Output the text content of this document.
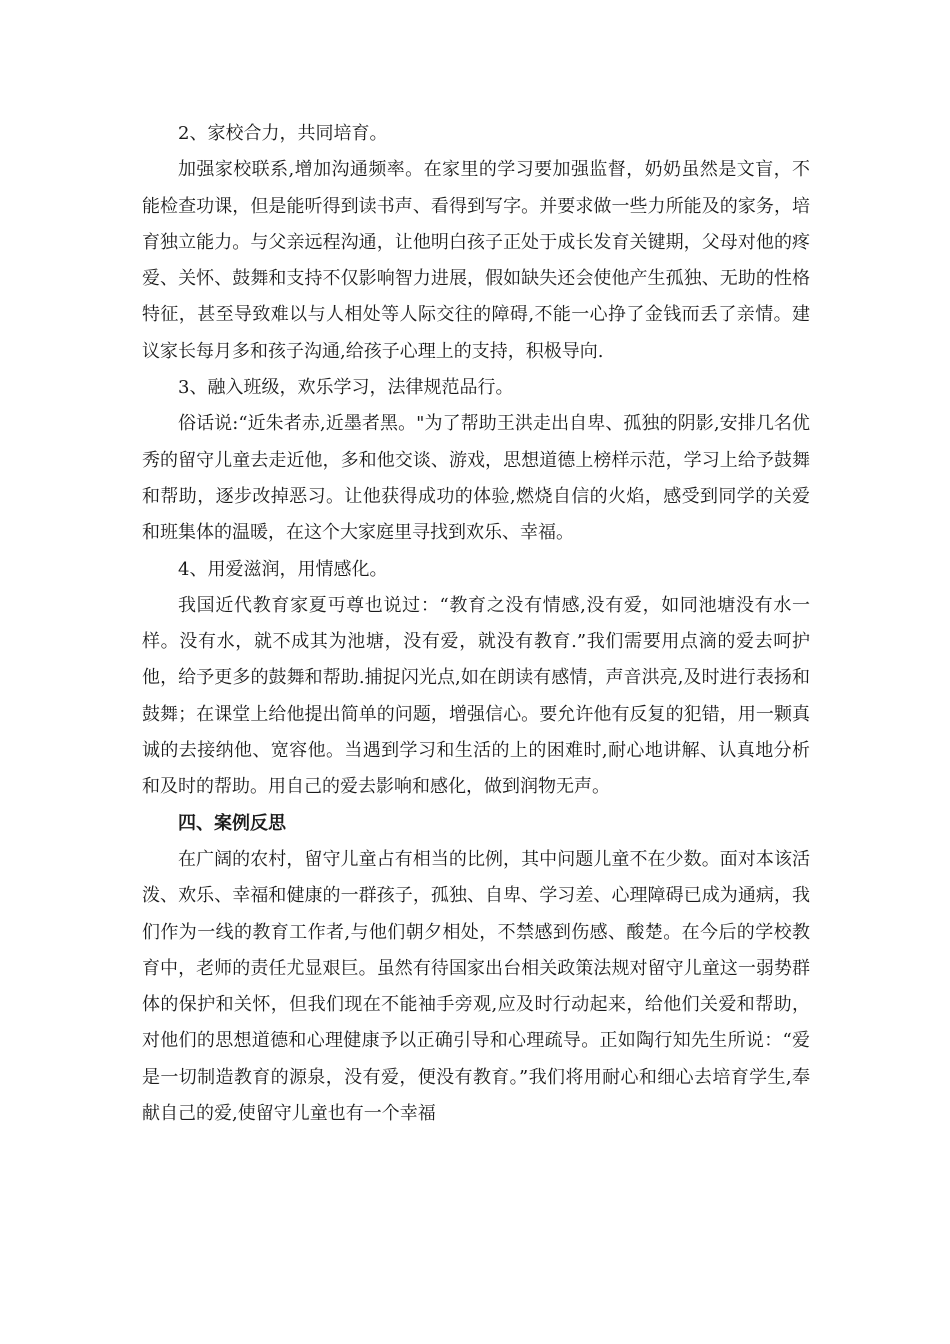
2、家校合力，共同培育。

加强家校联系,增加沟通频率。在家里的学习要加强监督，奶奶虽然是文盲，不能检查功课，但是能听得到读书声、看得到写字。并要求做一些力所能及的家务，培育独立能力。与父亲远程沟通，让他明白孩子正处于成长发育关键期，父母对他的疼爱、关怀、鼓舞和支持不仅影响智力进展，假如缺失还会使他产生孤独、无助的性格特征，甚至导致难以与人相处等人际交往的障碍,不能一心挣了金钱而丢了亲情。建议家长每月多和孩子沟通,给孩子心理上的支持，积极导向.

3、融入班级，欢乐学习，法律规范品行。

俗话说:“近朱者赤,近墨者黑。"为了帮助王洪走出自卑、孤独的阴影,安排几名优秀的留守儿童去走近他，多和他交谈、游戏，思想道德上榜样示范，学习上给予鼓舞和帮助，逐步改掉恶习。让他获得成功的体验,燃烧自信的火焰，感受到同学的关爱和班集体的温暖，在这个大家庭里寻找到欢乐、幸福。

4、用爱滋润，用情感化。

我国近代教育家夏丏尊也说过：“教育之没有情感,没有爱，如同池塘没有水一样。没有水，就不成其为池塘，没有爱，就没有教育.”我们需要用点滴的爱去呵护他，给予更多的鼓舞和帮助.捕捉闪光点,如在朗读有感情，声音洪亮,及时进行表扬和鼓舞；在课堂上给他提出简单的问题，增强信心。要允许他有反复的犯错，用一颗真诚的去接纳他、宽容他。当遇到学习和生活的上的困难时,耐心地讲解、认真地分析和及时的帮助。用自己的爱去影响和感化，做到润物无声。

四、案例反思

在广阔的农村，留守儿童占有相当的比例，其中问题儿童不在少数。面对本该活泼、欢乐、幸福和健康的一群孩子，孤独、自卑、学习差、心理障碍已成为通病，我们作为一线的教育工作者,与他们朝夕相处，不禁感到伤感、酸楚。在今后的学校教育中，老师的责任尤显艰巨。虽然有待国家出台相关政策法规对留守儿童这一弱势群体的保护和关怀，但我们现在不能袖手旁观,应及时行动起来，给他们关爱和帮助，对他们的思想道德和心理健康予以正确引导和心理疏导。正如陶行知先生所说：“爱是一切制造教育的源泉，没有爱，便没有教育。”我们将用耐心和细心去培育学生,奉献自己的爱,使留守儿童也有一个幸福
